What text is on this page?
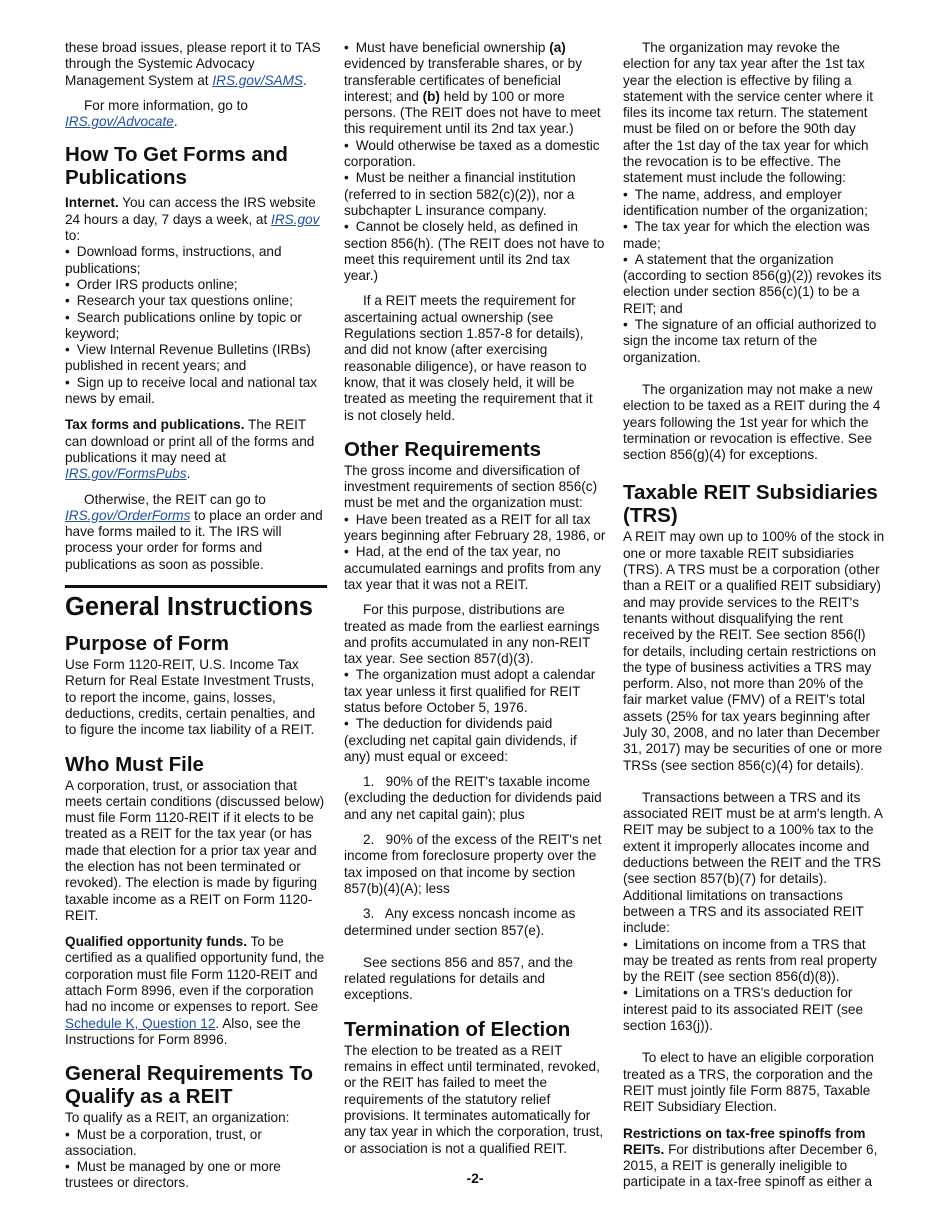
these broad issues, please report it to TAS through the Systemic Advocacy Management System at IRS.gov/SAMS.

For more information, go to IRS.gov/Advocate.

How To Get Forms and Publications

Internet. You can access the IRS website 24 hours a day, 7 days a week, at IRS.gov to:

• Download forms, instructions, and publications;

• Order IRS products online;

• Research your tax questions online;

• Search publications online by topic or keyword;

• View Internal Revenue Bulletins (IRBs) published in recent years; and

• Sign up to receive local and national tax news by email.

Tax forms and publications. The REIT can download or print all of the forms and publications it may need at IRS.gov/FormsPubs.

Otherwise, the REIT can go to IRS.gov/OrderForms to place an order and have forms mailed to it. The IRS will process your order for forms and publications as soon as possible.

General Instructions
Purpose of Form

Use Form 1120-REIT, U.S. Income Tax Return for Real Estate Investment Trusts, to report the income, gains, losses, deductions, credits, certain penalties, and to figure the income tax liability of a REIT.

Who Must File

A corporation, trust, or association that meets certain conditions (discussed below) must file Form 1120-REIT if it elects to be treated as a REIT for the tax year (or has made that election for a prior tax year and the election has not been terminated or revoked). The election is made by figuring taxable income as a REIT on Form 1120-REIT.

Qualified opportunity funds. To be certified as a qualified opportunity fund, the corporation must file Form 1120-REIT and attach Form 8996, even if the corporation had no income or expenses to report. See Schedule K, Question 12. Also, see the Instructions for Form 8996.

General Requirements To Qualify as a REIT

To qualify as a REIT, an organization:

• Must be a corporation, trust, or association.

• Must be managed by one or more trustees or directors.

• Must have beneficial ownership (a) evidenced by transferable shares, or by transferable certificates of beneficial interest; and (b) held by 100 or more persons. (The REIT does not have to meet this requirement until its 2nd tax year.)

• Would otherwise be taxed as a domestic corporation.

• Must be neither a financial institution (referred to in section 582(c)(2)), nor a subchapter L insurance company.

• Cannot be closely held, as defined in section 856(h). (The REIT does not have to meet this requirement until its 2nd tax year.)

If a REIT meets the requirement for ascertaining actual ownership (see Regulations section 1.857-8 for details), and did not know (after exercising reasonable diligence), or have reason to know, that it was closely held, it will be treated as meeting the requirement that it is not closely held.

Other Requirements

The gross income and diversification of investment requirements of section 856(c) must be met and the organization must:

• Have been treated as a REIT for all tax years beginning after February 28, 1986, or

• Had, at the end of the tax year, no accumulated earnings and profits from any tax year that it was not a REIT.

For this purpose, distributions are treated as made from the earliest earnings and profits accumulated in any non-REIT tax year. See section 857(d)(3).

• The organization must adopt a calendar tax year unless it first qualified for REIT status before October 5, 1976.

• The deduction for dividends paid (excluding net capital gain dividends, if any) must equal or exceed:

1.   90% of the REIT's taxable income (excluding the deduction for dividends paid and any net capital gain); plus

2.   90% of the excess of the REIT's net income from foreclosure property over the tax imposed on that income by section 857(b)(4)(A); less

3.   Any excess noncash income as determined under section 857(e).

See sections 856 and 857, and the related regulations for details and exceptions.

Termination of Election

The election to be treated as a REIT remains in effect until terminated, revoked, or the REIT has failed to meet the requirements of the statutory relief provisions. It terminates automatically for any tax year in which the corporation, trust, or association is not a qualified REIT.

The organization may revoke the election for any tax year after the 1st tax year the election is effective by filing a statement with the service center where it files its income tax return. The statement must be filed on or before the 90th day after the 1st day of the tax year for which the revocation is to be effective. The statement must include the following:

• The name, address, and employer identification number of the organization;

• The tax year for which the election was made;

• A statement that the organization (according to section 856(g)(2)) revokes its election under section 856(c)(1) to be a REIT; and

• The signature of an official authorized to sign the income tax return of the organization.

The organization may not make a new election to be taxed as a REIT during the 4 years following the 1st year for which the termination or revocation is effective. See section 856(g)(4) for exceptions.

Taxable REIT Subsidiaries (TRS)

A REIT may own up to 100% of the stock in one or more taxable REIT subsidiaries (TRS). A TRS must be a corporation (other than a REIT or a qualified REIT subsidiary) and may provide services to the REIT's tenants without disqualifying the rent received by the REIT. See section 856(l) for details, including certain restrictions on the type of business activities a TRS may perform. Also, not more than 20% of the fair market value (FMV) of a REIT's total assets (25% for tax years beginning after July 30, 2008, and no later than December 31, 2017) may be securities of one or more TRSs (see section 856(c)(4) for details).

Transactions between a TRS and its associated REIT must be at arm's length. A REIT may be subject to a 100% tax to the extent it improperly allocates income and deductions between the REIT and the TRS (see section 857(b)(7) for details). Additional limitations on transactions between a TRS and its associated REIT include:

• Limitations on income from a TRS that may be treated as rents from real property by the REIT (see section 856(d)(8)).

• Limitations on a TRS's deduction for interest paid to its associated REIT (see section 163(j)).

To elect to have an eligible corporation treated as a TRS, the corporation and the REIT must jointly file Form 8875, Taxable REIT Subsidiary Election.

Restrictions on tax-free spinoffs from REITs. For distributions after December 6, 2015, a REIT is generally ineligible to participate in a tax-free spinoff as either a

-2-
